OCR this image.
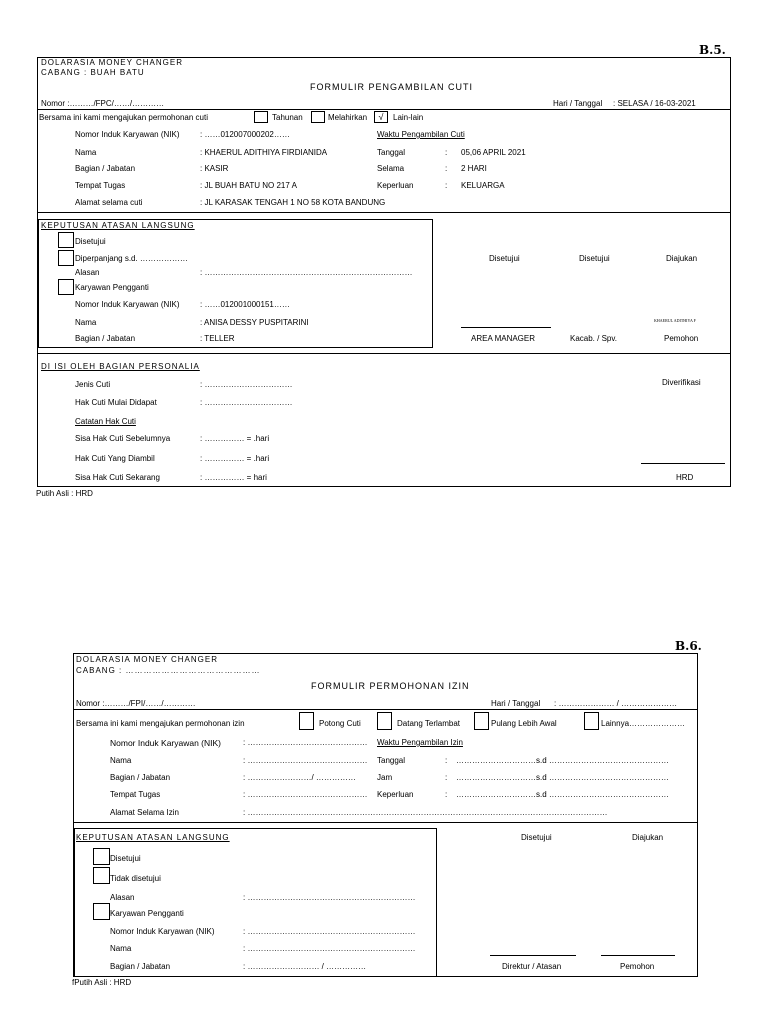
B.5.
DOLARASIA MONEY CHANGER
CABANG : BUAH BATU
FORMULIR PENGAMBILAN CUTI
Nomor :………/FPC/……/…………	Hari / Tanggal : SELASA / 16-03-2021
Bersama ini kami mengajukan permohonan cuti	Tahunan	Melahirkan	√	Lain-lain
Nomor Induk Karyawan (NIK)	: ……012007000202……
Nama	: KHAERUL ADITHIYA FIRDIANIDA
Bagian / Jabatan	: KASIR
Tempat Tugas	: JL BUAH BATU NO 217 A
Alamat selama cuti	: JL KARASAK TENGAH 1 NO 58 KOTA BANDUNG
Waktu Pengambilan Cuti
Tanggal	: 05,06 APRIL 2021
Selama	: 2 HARI
Keperluan	: KELUARGA
KEPUTUSAN ATASAN LANGSUNG
Disetujui
Diperpanjang s.d. ………………
Alasan	: ……………………………………………………………………
Karyawan Pengganti
Nomor Induk Karyawan (NIK)	: ……012001000151……
Nama	: ANISA DESSY PUSPITARINI
Bagian / Jabatan	: TELLER
Disetujui	Disetujui	Diajukan
KHAERUL ADITHIYA F
AREA MANAGER	Kacab. / Spv.	Pemohon
DI ISI OLEH BAGIAN PERSONALIA
Jenis Cuti	: ……………………………
Hak Cuti Mulai Didapat	: ……………………………
Catatan Hak Cuti
Sisa Hak Cuti Sebelumnya	: …………… = .hari
Hak Cuti Yang Diambil	: …………… = .hari
Sisa Hak Cuti Sekarang	: …………… = hari
Diverifikasi
HRD
Putih Asli : HRD
B.6.
DOLARASIA MONEY CHANGER
CABANG : ………………………………………
FORMULIR PERMOHONAN IZIN
Nomor :………/FPI/……/…………	Hari / Tanggal : ………………… / …………………
Bersama ini kami mengajukan permohonan izin	Potong Cuti	Datang Terlambat	Pulang Lebih Awal	Lainnya…………………
Nomor Induk Karyawan (NIK)	: ………………………………………
Nama	: ………………………………………
Bagian / Jabatan	: ……………………/ ……………
Tempat Tugas	: ………………………………………
Alamat Selama Izin	: ………………………………………………………………………………………………………………………
Waktu Pengambilan Izin
Tanggal	: …………………………s.d ………………………………………
Jam	: …………………………s.d ………………………………………
Keperluan	: …………………………s.d ………………………………………
KEPUTUSAN ATASAN LANGSUNG
Disetujui
Tidak disetujui
Alasan	: ………………………………………………………
Karyawan Pengganti
Nomor Induk Karyawan (NIK)	: ………………………………………………………
Nama	: ………………………………………………………
Bagian / Jabatan	: ……………………… / ……………
Disetujui	Diajukan
Direktur / Atasan	Pemohon
fPutih Asli : HRD
